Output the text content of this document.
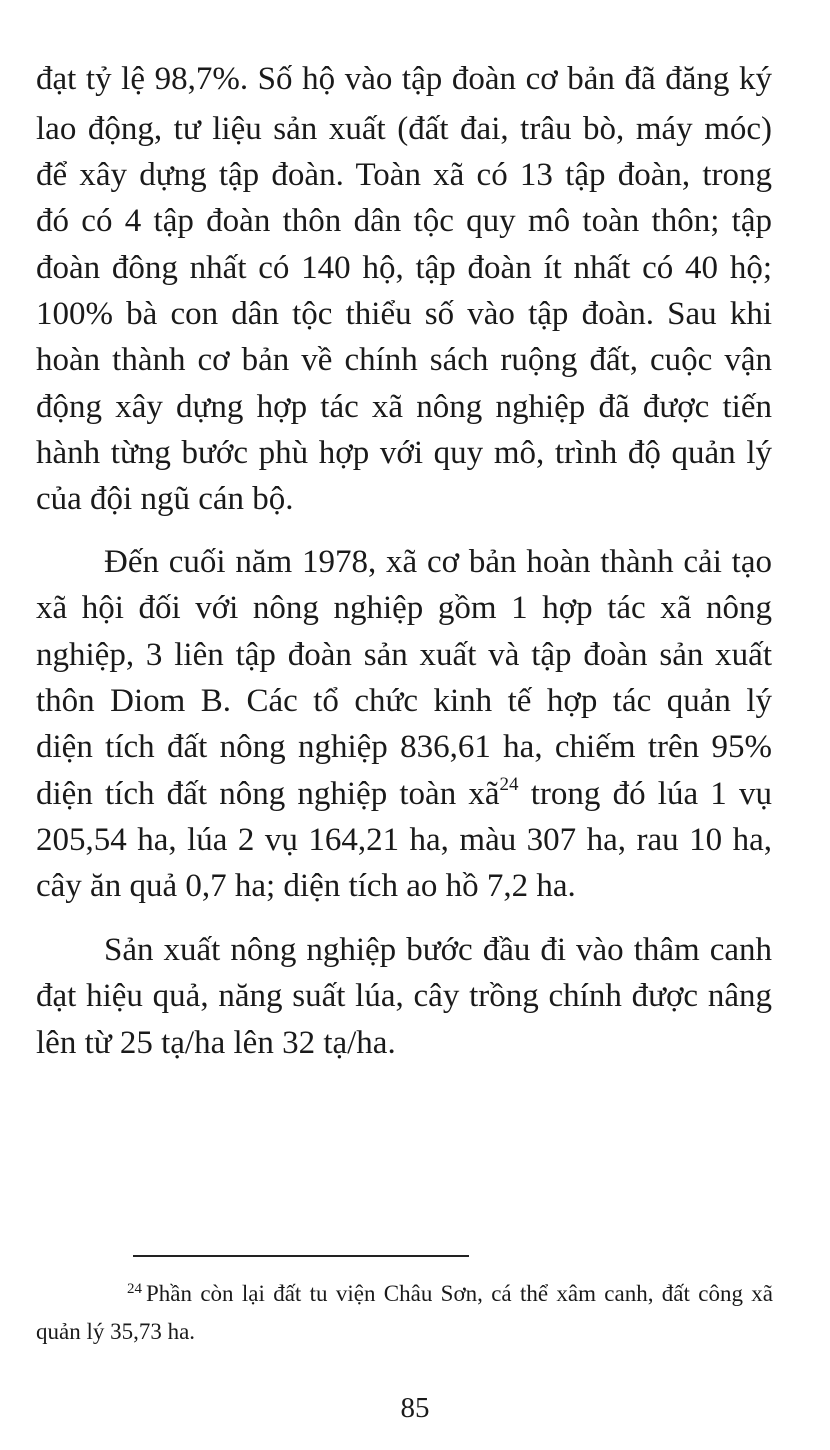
đạt tỷ lệ 98,7%. Số hộ vào tập đoàn cơ bản đã đăng ký
lao động, tư liệu sản xuất (đất đai, trâu bò, máy móc)
để xây dựng tập đoàn. Toàn xã có 13 tập đoàn, trong
đó có 4 tập đoàn thôn dân tộc quy mô toàn thôn; tập
đoàn đông nhất có 140 hộ, tập đoàn ít nhất có 40 hộ;
100% bà con dân tộc thiểu số vào tập đoàn. Sau khi
hoàn thành cơ bản về chính sách ruộng đất, cuộc vận
động xây dựng hợp tác xã nông nghiệp đã được tiến
hành từng bước phù hợp với quy mô, trình độ quản lý
của đội ngũ cán bộ.
Đến cuối năm 1978, xã cơ bản hoàn thành cải tạo
xã hội đối với nông nghiệp gồm 1 hợp tác xã nông
nghiệp, 3 liên tập đoàn sản xuất và tập đoàn sản xuất
thôn Diom B. Các tổ chức kinh tế hợp tác quản lý
diện tích đất nông nghiệp 836,61 ha, chiếm trên 95%
diện tích đất nông nghiệp toàn xã$^{24}$ trong đó lúa 1 vụ
205,54 ha, lúa 2 vụ 164,21 ha, màu 307 ha, rau 10 ha,
cây ăn quả 0,7 ha; diện tích ao hồ 7,2 ha.
Sản xuất nông nghiệp bước đầu đi vào thâm canh
đạt hiệu quả, năng suất lúa, cây trồng chính được nâng
lên từ 25 tạ/ha lên 32 tạ/ha.
$^{24}$ Phần còn lại đất tu viện Châu Sơn, cá thể xâm canh, đất công xã
quản lý 35,73 ha.
85
